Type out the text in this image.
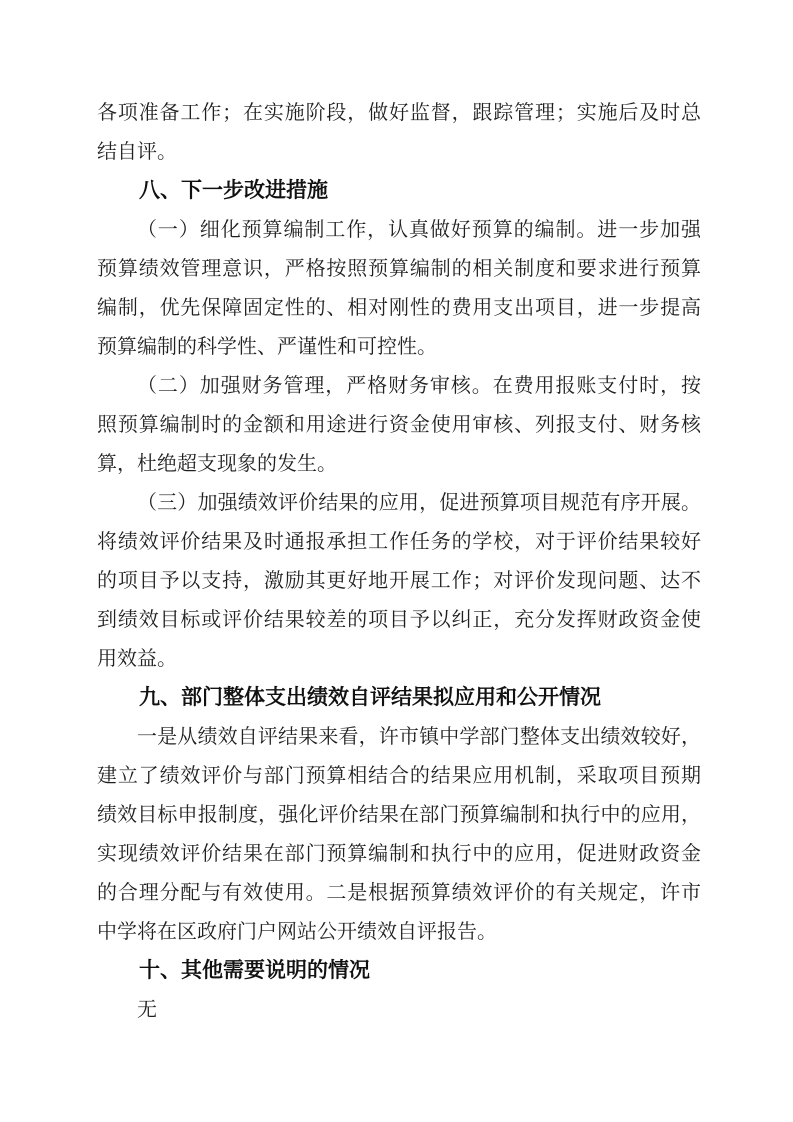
各项准备工作；在实施阶段，做好监督，跟踪管理；实施后及时总
结自评。
八、下一步改进措施
（一）细化预算编制工作，认真做好预算的编制。进一步加强
预算绩效管理意识，严格按照预算编制的相关制度和要求进行预算
编制，优先保障固定性的、相对刚性的费用支出项目，进一步提高
预算编制的科学性、严谨性和可控性。
（二）加强财务管理，严格财务审核。在费用报账支付时，按
照预算编制时的金额和用途进行资金使用审核、列报支付、财务核
算，杜绝超支现象的发生。
（三）加强绩效评价结果的应用，促进预算项目规范有序开展。
将绩效评价结果及时通报承担工作任务的学校，对于评价结果较好
的项目予以支持，激励其更好地开展工作；对评价发现问题、达不
到绩效目标或评价结果较差的项目予以纠正，充分发挥财政资金使
用效益。
九、部门整体支出绩效自评结果拟应用和公开情况
一是从绩效自评结果来看，许市镇中学部门整体支出绩效较好，
建立了绩效评价与部门预算相结合的结果应用机制，采取项目预期
绩效目标申报制度，强化评价结果在部门预算编制和执行中的应用，
实现绩效评价结果在部门预算编制和执行中的应用，促进财政资金
的合理分配与有效使用。二是根据预算绩效评价的有关规定，许市
中学将在区政府门户网站公开绩效自评报告。
十、其他需要说明的情况
无
